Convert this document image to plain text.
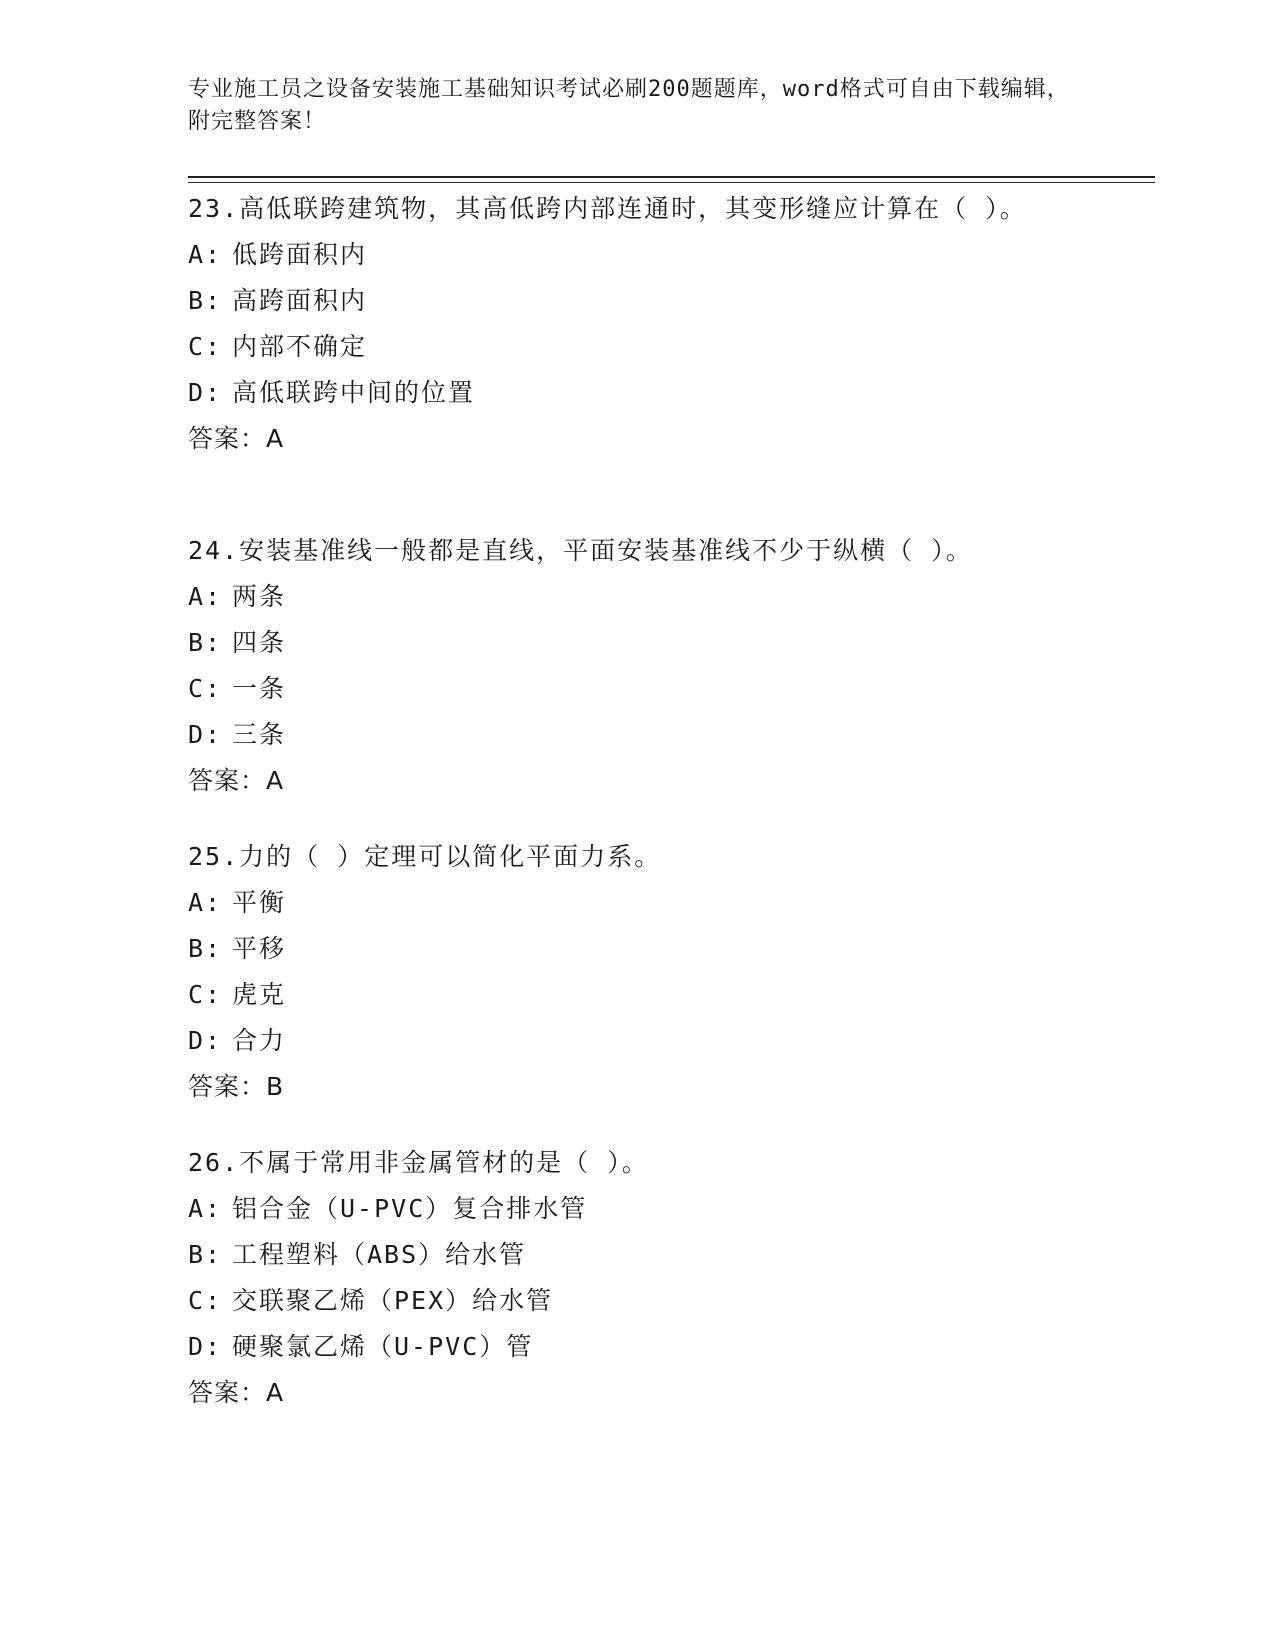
专业施工员之设备安装施工基础知识考试必刷200题题库，word格式可自由下载编辑，附完整答案！

23.高低联跨建筑物，其高低跨内部连通时，其变形缝应计算在（ ）。

A: 低跨面积内
B: 高跨面积内
C: 内部不确定
D: 高低联跨中间的位置
答案：A

24.安装基准线一般都是直线，平面安装基准线不少于纵横（ ）。

A: 两条
B: 四条
C: 一条
D: 三条
答案：A

25.力的（ ）定理可以简化平面力系。

A: 平衡
B: 平移
C: 虎克
D: 合力
答案：B

26.不属于常用非金属管材的是（ ）。

A: 铝合金（U-PVC）复合排水管
B: 工程塑料（ABS）给水管
C: 交联聚乙烯（PEX）给水管
D: 硬聚氯乙烯（U-PVC）管
答案：A
